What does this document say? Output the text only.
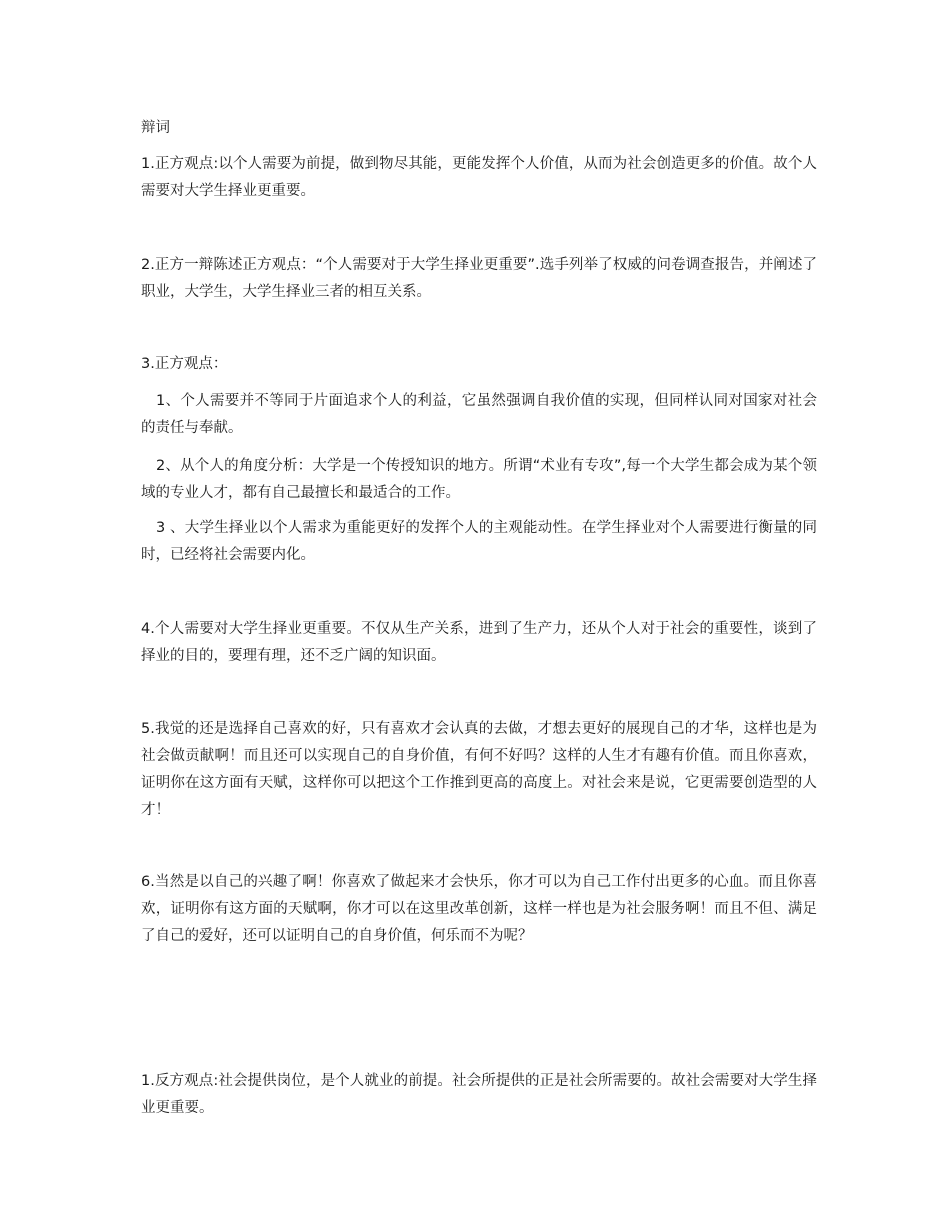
辩词

1.正方观点:以个人需要为前提，做到物尽其能，更能发挥个人价值，从而为社会创造更多的价值。故个人需要对大学生择业更重要。

2.正方一辩陈述正方观点：“个人需要对于大学生择业更重要”.选手列举了权威的问卷调查报告，并阐述了职业，大学生，大学生择业三者的相互关系。

3.正方观点：

1、个人需要并不等同于片面追求个人的利益，它虽然强调自我价值的实现，但同样认同对国家对社会的责任与奉献。

2、从个人的角度分析：大学是一个传授知识的地方。所谓“术业有专攻”,每一个大学生都会成为某个领域的专业人才，都有自己最擅长和最适合的工作。

3 、大学生择业以个人需求为重能更好的发挥个人的主观能动性。在学生择业对个人需要进行衡量的同时，已经将社会需要内化。

4.个人需要对大学生择业更重要。不仅从生产关系，进到了生产力，还从个人对于社会的重要性，谈到了择业的目的，要理有理，还不乏广阔的知识面。

5.我觉的还是选择自己喜欢的好，只有喜欢才会认真的去做，才想去更好的展现自己的才华，这样也是为社会做贡献啊！而且还可以实现自己的自身价值，有何不好吗？这样的人生才有趣有价值。而且你喜欢，证明你在这方面有天赋，这样你可以把这个工作推到更高的高度上。对社会来是说，它更需要创造型的人才！

6.当然是以自己的兴趣了啊！你喜欢了做起来才会快乐，你才可以为自己工作付出更多的心血。而且你喜欢，证明你有这方面的天赋啊，你才可以在这里改革创新，这样一样也是为社会服务啊！而且不但、满足了自己的爱好，还可以证明自己的自身价值，何乐而不为呢？

1.反方观点:社会提供岗位，是个人就业的前提。社会所提供的正是社会所需要的。故社会需要对大学生择业更重要。
